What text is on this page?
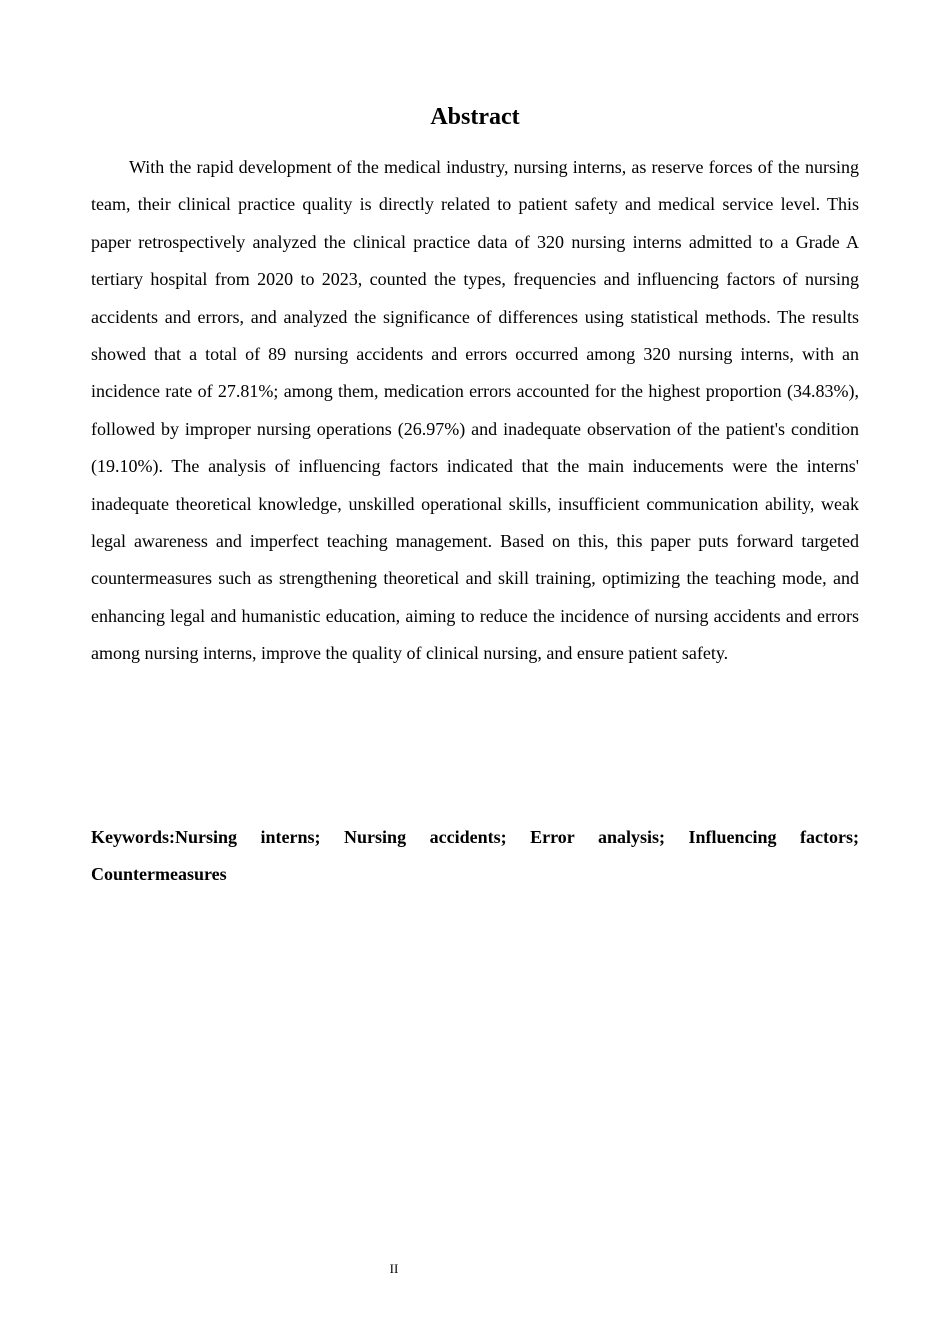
Abstract

With the rapid development of the medical industry, nursing interns, as reserve forces of the nursing team, their clinical practice quality is directly related to patient safety and medical service level. This paper retrospectively analyzed the clinical practice data of 320 nursing interns admitted to a Grade A tertiary hospital from 2020 to 2023, counted the types, frequencies and influencing factors of nursing accidents and errors, and analyzed the significance of differences using statistical methods. The results showed that a total of 89 nursing accidents and errors occurred among 320 nursing interns, with an incidence rate of 27.81%; among them, medication errors accounted for the highest proportion (34.83%), followed by improper nursing operations (26.97%) and inadequate observation of the patient's condition (19.10%). The analysis of influencing factors indicated that the main inducements were the interns' inadequate theoretical knowledge, unskilled operational skills, insufficient communication ability, weak legal awareness and imperfect teaching management. Based on this, this paper puts forward targeted countermeasures such as strengthening theoretical and skill training, optimizing the teaching mode, and enhancing legal and humanistic education, aiming to reduce the incidence of nursing accidents and errors among nursing interns, improve the quality of clinical nursing, and ensure patient safety.

Keywords:Nursing interns; Nursing accidents; Error analysis; Influencing factors; Countermeasures

II
